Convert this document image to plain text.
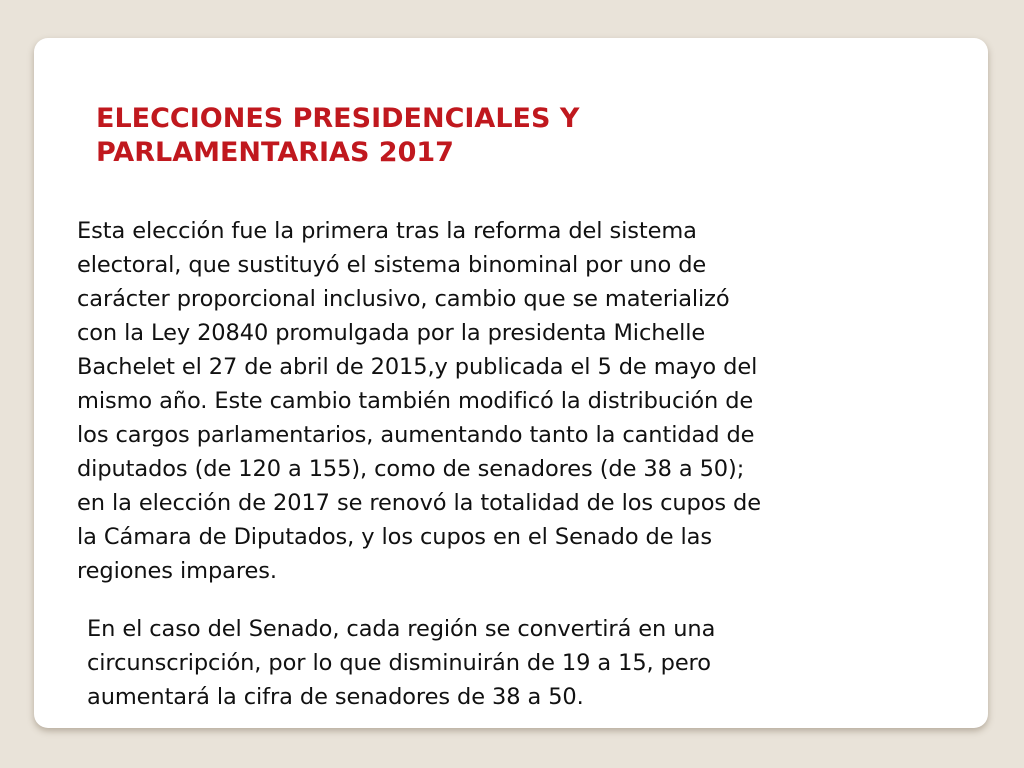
ELECCIONES PRESIDENCIALES Y
PARLAMENTARIAS 2017

Esta elección fue la primera tras la reforma del sistema
electoral, que sustituyó el sistema binominal por uno de
carácter proporcional inclusivo, cambio que se materializó
con la Ley 20840 promulgada por la presidenta Michelle
Bachelet el 27 de abril de 2015,y publicada el 5 de mayo del
mismo año. Este cambio también modificó la distribución de
los cargos parlamentarios, aumentando tanto la cantidad de
diputados (de 120 a 155), como de senadores (de 38 a 50);
en la elección de 2017 se renovó la totalidad de los cupos de
la Cámara de Diputados, y los cupos en el Senado de las
regiones impares.

En el caso del Senado, cada región se convertirá en una
circunscripción, por lo que disminuirán de 19 a 15, pero
aumentará la cifra de senadores de 38 a 50.
